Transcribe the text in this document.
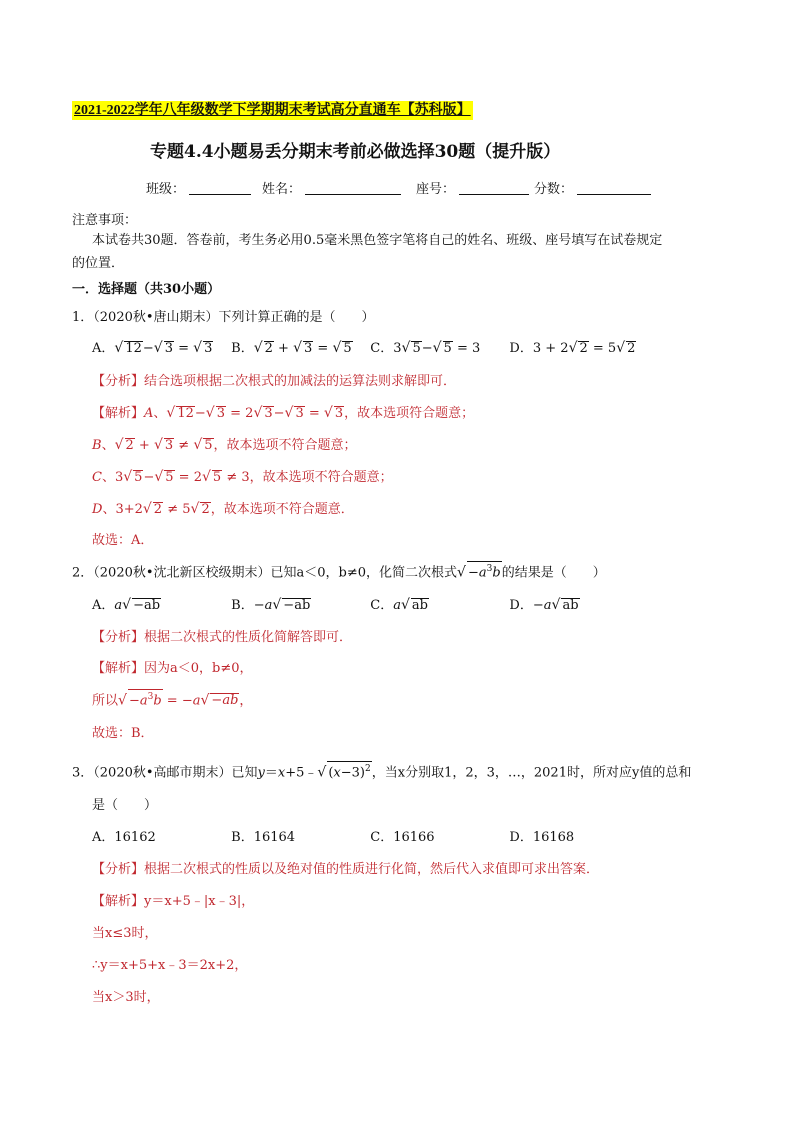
2021-2022学年八年级数学下学期期末考试高分直通车【苏科版】
专题4.4小题易丢分期末考前必做选择30题（提升版）
班级：	姓名：	座号：	分数：
注意事项：
本试卷共30题．答卷前，考生务必用0.5毫米黑色签字笔将自己的姓名、班级、座号填写在试卷规定
的位置．
一．选择题（共30小题）
1．（2020秋•唐山期末）下列计算正确的是（　　）
A．√ 12−√ 3 = √ 3 B．√ 2 + √ 3 = √ 5 C．3√ 5−√ 5 = 3 D．3 + 2√ 2 = 5√ 2
【分析】结合选项根据二次根式的加减法的运算法则求解即可．
【解析】A、√ 12−√ 3 = 2√ 3−√ 3 = √ 3，故本选项符合题意；
B、√ 2 + √ 3 ≠ √ 5，故本选项不符合题意；
C、3√ 5−√ 5 = 2√ 5 ≠ 3，故本选项不符合题意；
D、3+2√ 2 ≠ 5√ 2，故本选项不符合题意．
故选：A．
2．（2020秋•沈北新区校级期末）已知a＜0，b≠0，化简二次根式√ $-a^3b$的结果是（　　）
A．a√ −ab	B．−a√ −ab	C．a√ ab	D．−a√ ab
【分析】根据二次根式的性质化简解答即可．
【解析】因为a＜0，b≠0，
所以√ $-a^3b = -a√ -ab$，
故选：B．
3．（2020秋•高邮市期末）已知y＝x+5﹣√ $(x-3)^2$，当x分别取1，2，3，…，2021时，所对应y值的总和
是（　　）
A．16162	B．16164	C．16166	D．16168
【分析】根据二次根式的性质以及绝对值的性质进行化简，然后代入求值即可求出答案．
【解析】y＝x+5﹣|x﹣3|，
当x≤3时，
∴y＝x+5+x﹣3＝2x+2，
当x＞3时，
